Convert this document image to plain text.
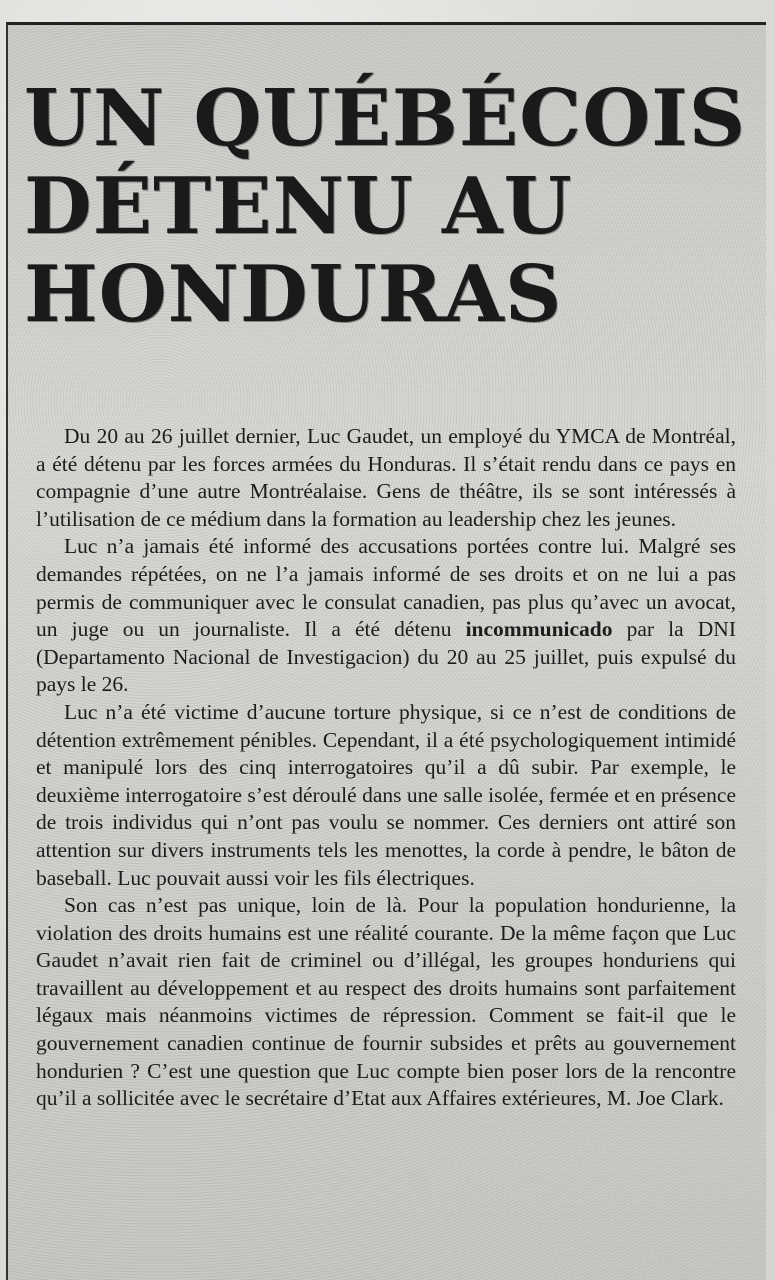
UN QUÉBÉCOIS
DÉTENU AU
HONDURAS

Du 20 au 26 juillet dernier, Luc Gaudet, un employé du YMCA de Montréal, a été détenu par les forces armées du Honduras. Il s’était rendu dans ce pays en compagnie d’une autre Montréalaise. Gens de théâtre, ils se sont intéressés à l’utilisation de ce médium dans la formation au leadership chez les jeunes.

Luc n’a jamais été informé des accusations portées contre lui. Malgré ses demandes répétées, on ne l’a jamais informé de ses droits et on ne lui a pas permis de communiquer avec le consulat canadien, pas plus qu’avec un avocat, un juge ou un journaliste. Il a été détenu incommunicado par la DNI (Departamento Nacional de Investigacion) du 20 au 25 juillet, puis expulsé du pays le 26.

Luc n’a été victime d’aucune torture physique, si ce n’est de conditions de détention extrêmement pénibles. Cependant, il a été psychologiquement intimidé et manipulé lors des cinq interrogatoires qu’il a dû subir. Par exemple, le deuxième interrogatoire s’est déroulé dans une salle isolée, fermée et en présence de trois individus qui n’ont pas voulu se nommer. Ces derniers ont attiré son attention sur divers instruments tels les menottes, la corde à pendre, le bâton de baseball. Luc pouvait aussi voir les fils électriques.

Son cas n’est pas unique, loin de là. Pour la population hondurienne, la violation des droits humains est une réalité courante. De la même façon que Luc Gaudet n’avait rien fait de criminel ou d’illégal, les groupes honduriens qui travaillent au développement et au respect des droits humains sont parfaitement légaux mais néanmoins victimes de répression. Comment se fait-il que le gouvernement canadien continue de fournir subsides et prêts au gouvernement hondurien ? C’est une question que Luc compte bien poser lors de la rencontre qu’il a sollicitée avec le secrétaire d’Etat aux Affaires extérieures, M. Joe Clark.
